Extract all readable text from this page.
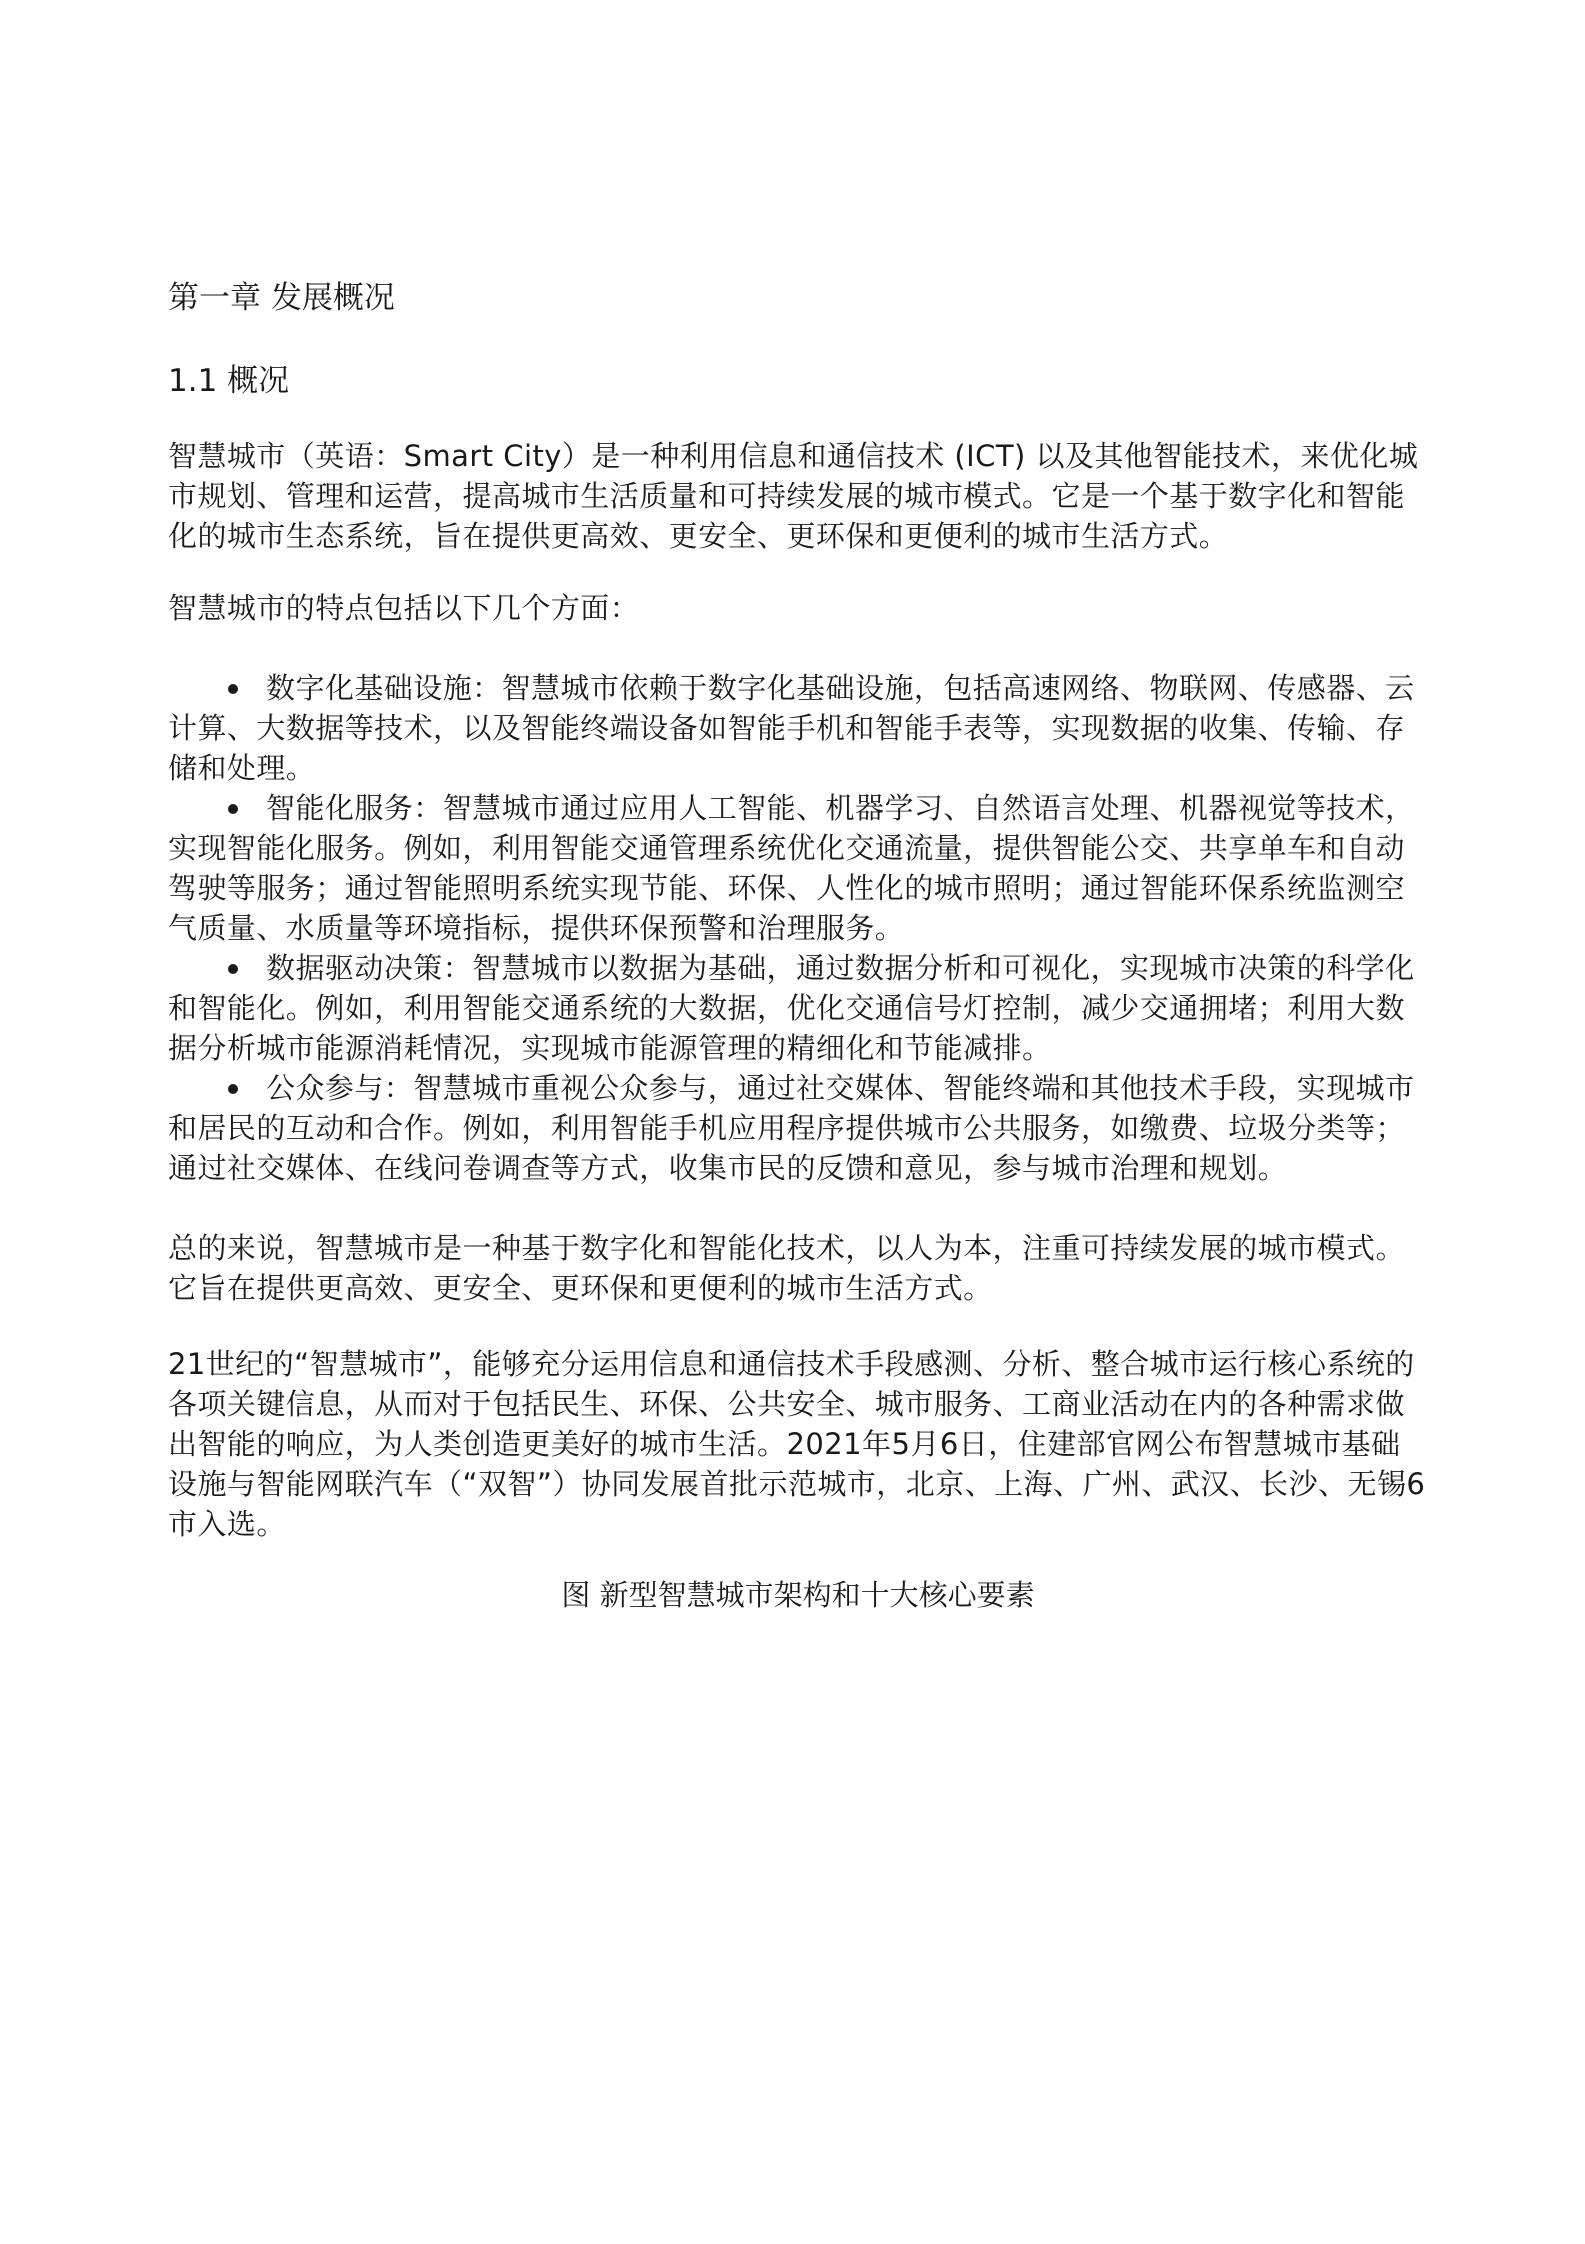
第一章 发展概况
1.1 概况

智慧城市（英语：Smart City）是一种利用信息和通信技术 (ICT) 以及其他智能技术，来优化城市规划、管理和运营，提高城市生活质量和可持续发展的城市模式。它是一个基于数字化和智能化的城市生态系统，旨在提供更高效、更安全、更环保和更便利的城市生活方式。

智慧城市的特点包括以下几个方面：

数字化基础设施：智慧城市依赖于数字化基础设施，包括高速网络、物联网、传感器、云计算、大数据等技术，以及智能终端设备如智能手机和智能手表等，实现数据的收集、传输、存储和处理。
智能化服务：智慧城市通过应用人工智能、机器学习、自然语言处理、机器视觉等技术，实现智能化服务。例如，利用智能交通管理系统优化交通流量，提供智能公交、共享单车和自动驾驶等服务；通过智能照明系统实现节能、环保、人性化的城市照明；通过智能环保系统监测空气质量、水质量等环境指标，提供环保预警和治理服务。
数据驱动决策：智慧城市以数据为基础，通过数据分析和可视化，实现城市决策的科学化和智能化。例如，利用智能交通系统的大数据，优化交通信号灯控制，减少交通拥堵；利用大数据分析城市能源消耗情况，实现城市能源管理的精细化和节能减排。
公众参与：智慧城市重视公众参与，通过社交媒体、智能终端和其他技术手段，实现城市和居民的互动和合作。例如，利用智能手机应用程序提供城市公共服务，如缴费、垃圾分类等；通过社交媒体、在线问卷调查等方式，收集市民的反馈和意见，参与城市治理和规划。

总的来说，智慧城市是一种基于数字化和智能化技术，以人为本，注重可持续发展的城市模式。它旨在提供更高效、更安全、更环保和更便利的城市生活方式。

21世纪的“智慧城市”，能够充分运用信息和通信技术手段感测、分析、整合城市运行核心系统的各项关键信息，从而对于包括民生、环保、公共安全、城市服务、工商业活动在内的各种需求做出智能的响应，为人类创造更美好的城市生活。2021年5月6日，住建部官网公布智慧城市基础设施与智能网联汽车（“双智”）协同发展首批示范城市，北京、上海、广州、武汉、长沙、无锡6市入选。

图 新型智慧城市架构和十大核心要素
